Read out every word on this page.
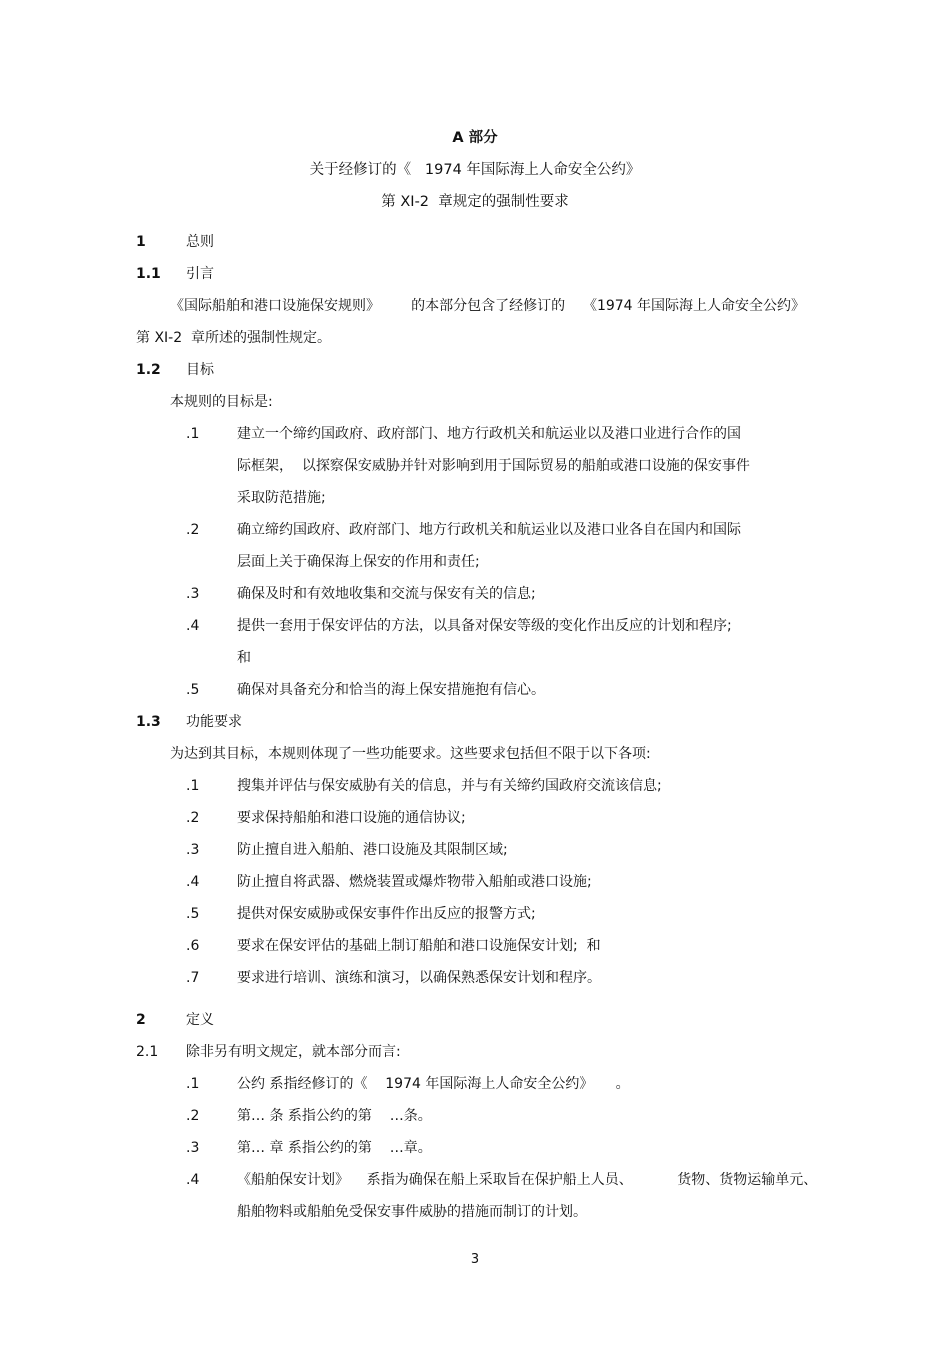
A 部分
关于经修订的《   1974 年国际海上人命安全公约》
第 XI-2  章规定的强制性要求
1	总则
1.1 引言
《国际船舶和港口设施保安规则》       的本部分包含了经修订的    《1974 年国际海上人命安全公约》
第 XI-2  章所述的强制性规定。
1.2 目标
本规则的目标是:
.1	建立一个缔约国政府、政府部门、地方行政机关和航运业以及港口业进行合作的国
际框架，  以探察保安威胁并针对影响到用于国际贸易的船舶或港口设施的保安事件
采取防范措施;
.2	确立缔约国政府、政府部门、地方行政机关和航运业以及港口业各自在国内和国际
层面上关于确保海上保安的作用和责任;
.3	确保及时和有效地收集和交流与保安有关的信息;
.4	提供一套用于保安评估的方法，以具备对保安等级的变化作出反应的计划和程序;
和
.5	确保对具备充分和恰当的海上保安措施抱有信心。
1.3 功能要求
为达到其目标，本规则体现了一些功能要求。这些要求包括但不限于以下各项:
.1	搜集并评估与保安威胁有关的信息，并与有关缔约国政府交流该信息;
.2	要求保持船舶和港口设施的通信协议;
.3	防止擅自进入船舶、港口设施及其限制区域;
.4	防止擅自将武器、燃烧装置或爆炸物带入船舶或港口设施;
.5	提供对保安威胁或保安事件作出反应的报警方式;
.6	要求在保安评估的基础上制订船舶和港口设施保安计划;  和
.7	要求进行培训、演练和演习，以确保熟悉保安计划和程序。
2	定义
2.1 除非另有明文规定，就本部分而言:
.1	公约 系指经修订的《    1974 年国际海上人命安全公约》     。
.2	第… 条 系指公约的第    …条。
.3	第… 章 系指公约的第    …章。
.4	《船舶保安计划》    系指为确保在船上采取旨在保护船上人员、          货物、货物运输单元、
船舶物料或船舶免受保安事件威胁的措施而制订的计划。
3
